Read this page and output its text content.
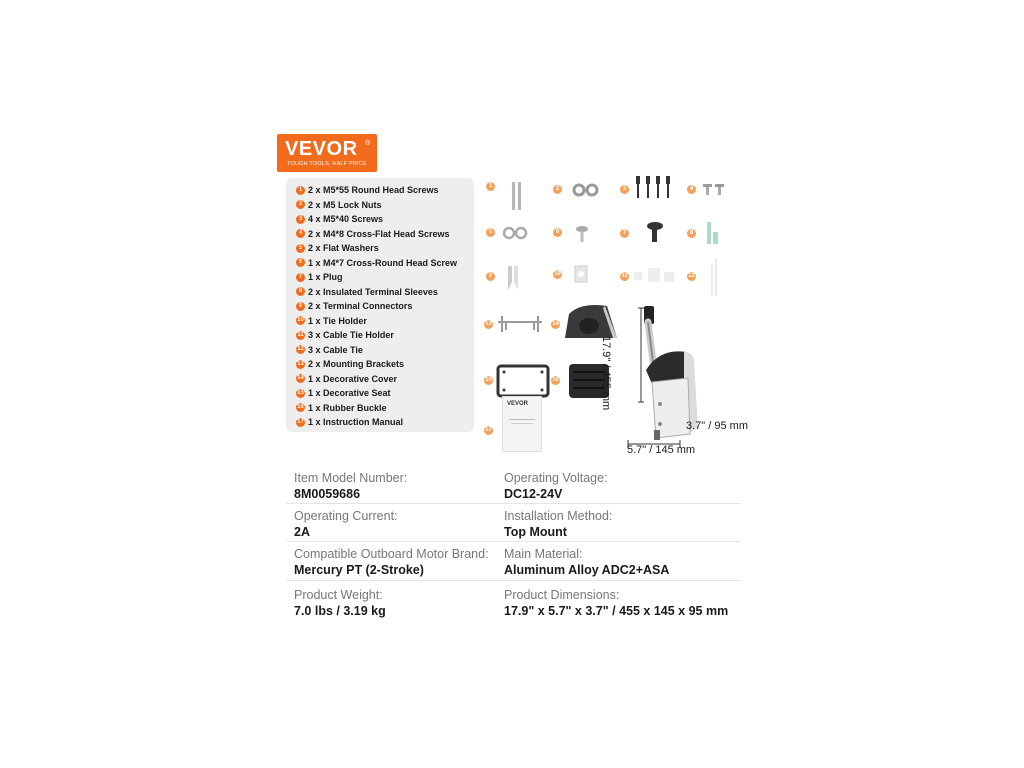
VEVOR ®
TOUGH TOOLS, HALF PRICE
1 2 x M5*55 Round Head Screws
2 2 x M5 Lock Nuts
3 4 x M5*40 Screws
4 2 x M4*8 Cross-Flat Head Screws
5 2 x Flat Washers
6 1 x M4*7 Cross-Round Head Screw
7 1 x Plug
8 2 x Insulated Terminal Sleeves
9 2 x Terminal Connectors
10 1 x Tie Holder
11 3 x Cable Tie Holder
12 3 x Cable Tie
13 2 x Mounting Brackets
14 1 x Decorative Cover
15 1 x Decorative Seat
16 1 x Rubber Buckle
17 1 x Instruction Manual
1	2	3	4
5	6	7	8
9	10	11	12
13	14
15	16
17
VEVOR	17.9" / 455 mm
3.7" / 95 mm
5.7" / 145 mm
Item Model Number:
8M0059686
Operating Voltage:
DC12-24V
Operating Current:
2A
Installation Method:
Top Mount
Compatible Outboard Motor Brand:
Mercury PT (2-Stroke)
Main Material:
Aluminum Alloy ADC2+ASA
Product Weight:
7.0 lbs / 3.19 kg
Product Dimensions:
17.9" x 5.7" x 3.7" / 455 x 145 x 95 mm
